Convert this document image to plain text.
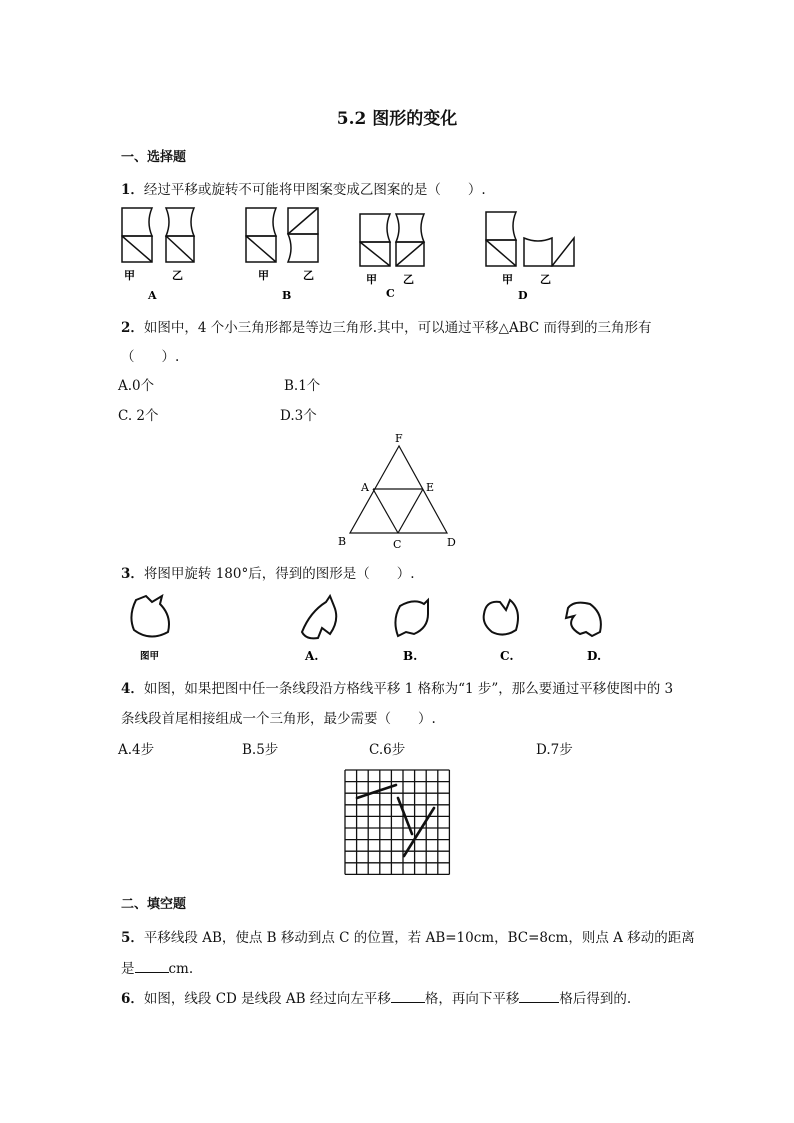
5.2 图形的变化
一、选择题
1．经过平移或旋转不可能将甲图案变成乙图案的是（　　）.
甲	乙	甲	乙	甲 乙	甲 乙
A	B	C	D
2．如图中，4 个小三角形都是等边三角形.其中，可以通过平移△ABC 而得到的三角形有
（　　）.
A.0个	B.1个
C. 2个	D.3个
F
A	E
B	C	D
3．将图甲旋转 180°后，得到的图形是（　　）.
图甲	A.	B.	C.	D.
4．如图，如果把图中任一条线段沿方格线平移 1 格称为“1 步”，那么要通过平移使图中的 3
条线段首尾相接组成一个三角形，最少需要（　　）.
A.4步	B.5步	C.6步	D.7步
二、填空题
5．平移线段 AB，使点 B 移动到点 C 的位置，若 AB=10cm，BC=8cm，则点 A 移动的距离
是	cm.
6．如图，线段 CD 是线段 AB 经过向左平移	格，再向下平移	格后得到的.
